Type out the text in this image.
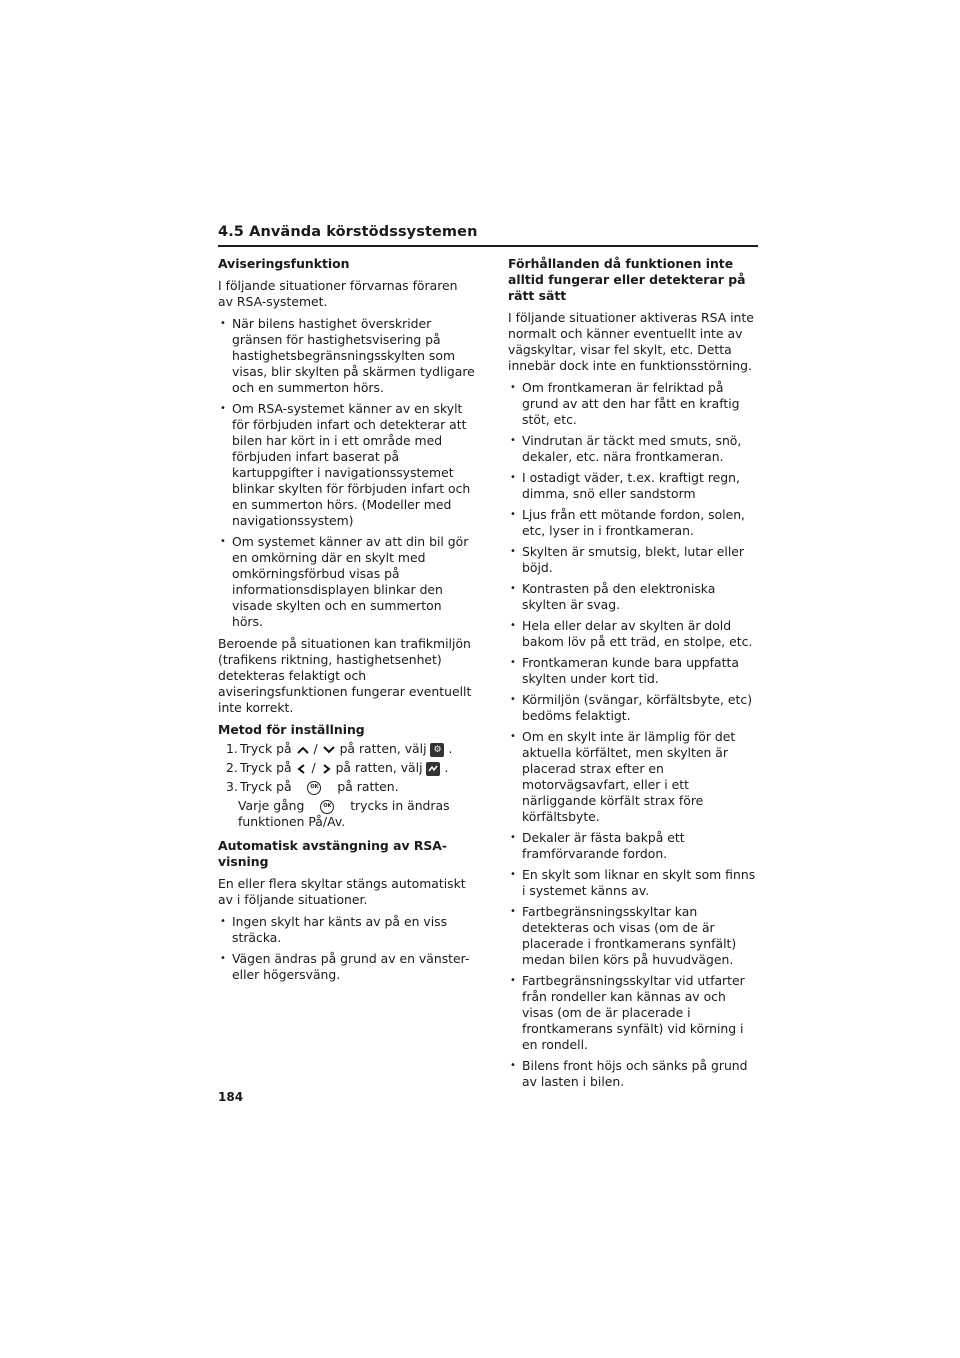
4.5 Använda körstödssystemen
Aviseringsfunktion

I följande situationer förvarnas föraren av RSA-systemet.

• När bilens hastighet överskrider gränsen för hastighetsvisering på hastighetsbegränsningsskylten som visas, blir skylten på skärmen tydligare och en summerton hörs.
• Om RSA-systemet känner av en skylt för förbjuden infart och detekterar att bilen har kört in i ett område med förbjuden infart baserat på kartuppgifter i navigationssystemet blinkar skylten för förbjuden infart och en summerton hörs. (Modeller med navigationssystem)
• Om systemet känner av att din bil gör en omkörning där en skylt med omkörningsförbud visas på informationsdisplayen blinkar den visade skylten och en summerton hörs.

Beroende på situationen kan trafikmiljön (trafikens riktning, hastighetsenhet) detekteras felaktigt och aviseringsfunktionen fungerar eventuellt inte korrekt.

Metod för inställning
1. Tryck på / på ratten, välj ⚙ .
2. Tryck på / på ratten, välj .
3. Tryck på	OK på ratten.
Varje gång	OK trycks in ändras funktionen På/Av.
Automatisk avstängning av RSA-visning

En eller flera skyltar stängs automatiskt av i följande situationer.

• Ingen skylt har känts av på en viss sträcka.
• Vägen ändras på grund av en vänster- eller högersväng.
Förhållanden då funktionen inte alltid fungerar eller detekterar på rätt sätt

I följande situationer aktiveras RSA inte normalt och känner eventuellt inte av vägskyltar, visar fel skylt, etc. Detta innebär dock inte en funktionsstörning.

• Om frontkameran är felriktad på grund av att den har fått en kraftig stöt, etc.
• Vindrutan är täckt med smuts, snö, dekaler, etc. nära frontkameran.
• I ostadigt väder, t.ex. kraftigt regn, dimma, snö eller sandstorm
• Ljus från ett mötande fordon, solen, etc, lyser in i frontkameran.
• Skylten är smutsig, blekt, lutar eller böjd.
• Kontrasten på den elektroniska skylten är svag.
• Hela eller delar av skylten är dold bakom löv på ett träd, en stolpe, etc.
• Frontkameran kunde bara uppfatta skylten under kort tid.
• Körmiljön (svängar, körfältsbyte, etc) bedöms felaktigt.
• Om en skylt inte är lämplig för det aktuella körfältet, men skylten är placerad strax efter en motorvägsavfart, eller i ett närliggande körfält strax före körfältsbyte.
• Dekaler är fästa bakpå ett framförvarande fordon.
• En skylt som liknar en skylt som finns i systemet känns av.
• Fartbegränsningsskyltar kan detekteras och visas (om de är placerade i frontkamerans synfält) medan bilen körs på huvudvägen.
• Fartbegränsningsskyltar vid utfarter från rondeller kan kännas av och visas (om de är placerade i frontkamerans synfält) vid körning i en rondell.
• Bilens front höjs och sänks på grund av lasten i bilen.
184
